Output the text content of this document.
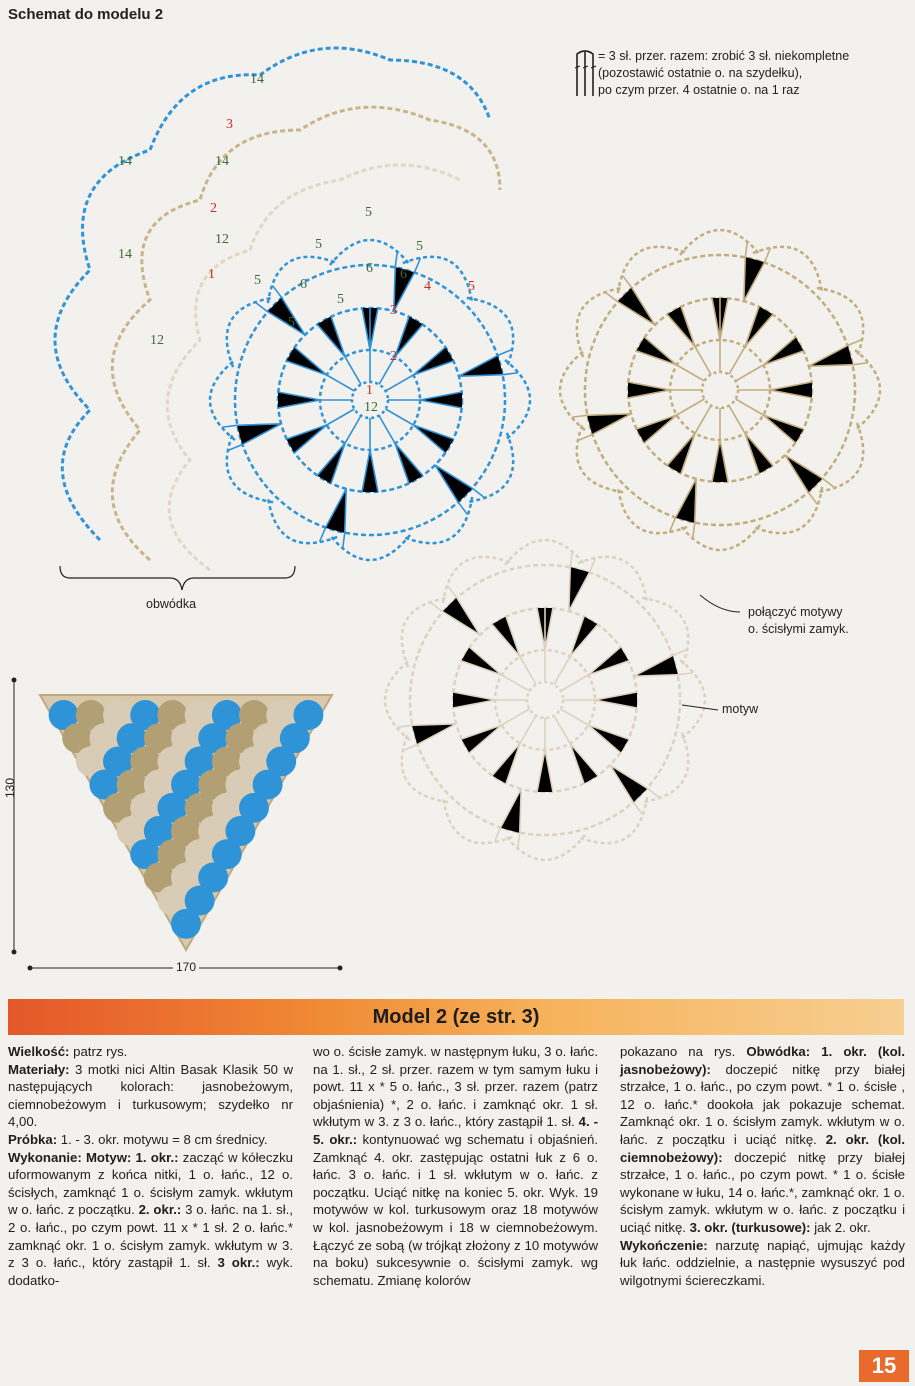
Schemat do modelu 2
= 3 sł. przer. razem: zrobić 3 sł. niekompletne
(pozostawić ostatnie o. na szydełku),
po czym przer. 4 ostatnie o. na 1 raz
14
14	14
14
12
12
12
5
5	5
5
5
5
6
6
6
1
2
3
4	5
1
2
3
obwódka
połączyć motywy
o. ścisłymi zamyk.
motyw
130
170
Model 2 (ze str. 3)

Wielkość: patrz rys.
Materiały: 3 motki nici Altin Basak Klasik 50 w następujących kolorach: jasnobeżowym, ciemnobeżowym i turkusowym; szydełko nr 4,00.
Próbka: 1. - 3. okr. motywu = 8 cm średnicy.
Wykonanie: Motyw: 1. okr.: zacząć w kółeczku uformowanym z końca nitki, 1 o. łańc., 12 o. ścisłych, zamknąć 1 o. ścisłym zamyk. wkłutym w o. łańc. z początku. 2. okr.: 3 o. łańc. na 1. sł., 2 o. łańc., po czym powt. 11 x * 1 sł. 2 o. łańc.* zamknąć okr. 1 o. ścisłym zamyk. wkłutym w 3. z 3 o. łańc., który zastąpił 1. sł. 3 okr.: wyk. dodatko-

wo o. ścisłe zamyk. w następnym łuku, 3 o. łańc. na 1. sł., 2 sł. przer. razem w tym samym łuku i powt. 11 x * 5 o. łańc., 3 sł. przer. razem (patrz objaśnienia) *, 2 o. łańc. i zamknąć okr. 1 sł. wkłutym w 3. z 3 o. łańc., który zastąpił 1. sł. 4. - 5. okr.: kontynuować wg schematu i objaśnień. Zamknąć 4. okr. zastępując ostatni łuk z 6 o. łańc. 3 o. łańc. i 1 sł. wkłutym w o. łańc. z początku. Uciąć nitkę na koniec 5. okr. Wyk. 19 motywów w kol. turkusowym oraz 18 motywów w kol. jasnobeżowym i 18 w ciemnobeżowym. Łączyć ze sobą (w trójkąt złożony z 10 motywów na boku) sukcesywnie o. ścisłymi zamyk. wg schematu. Zmianę kolorów

pokazano na rys. Obwódka: 1. okr. (kol. jasnobeżowy): doczepić nitkę przy białej strzałce, 1 o. łańc., po czym powt. * 1 o. ścisłe , 12 o. łańc.* dookoła jak pokazuje schemat. Zamknąć okr. 1 o. ścisłym zamyk. wkłutym w o. łańc. z początku i uciąć nitkę. 2. okr. (kol. ciemnobeżowy): doczepić nitkę przy białej strzałce, 1 o. łańc., po czym powt. * 1 o. ścisłe wykonane w łuku, 14 o. łańc.*, zamknąć okr. 1 o. ścisłym zamyk. wkłutym w o. łańc. z początku i uciąć nitkę. 3. okr. (turkusowe): jak 2. okr.
Wykończenie: narzutę napiąć, ujmując każdy łuk łańc. oddzielnie, a następnie wysuszyć pod wilgotnymi ściereczkami.

15
